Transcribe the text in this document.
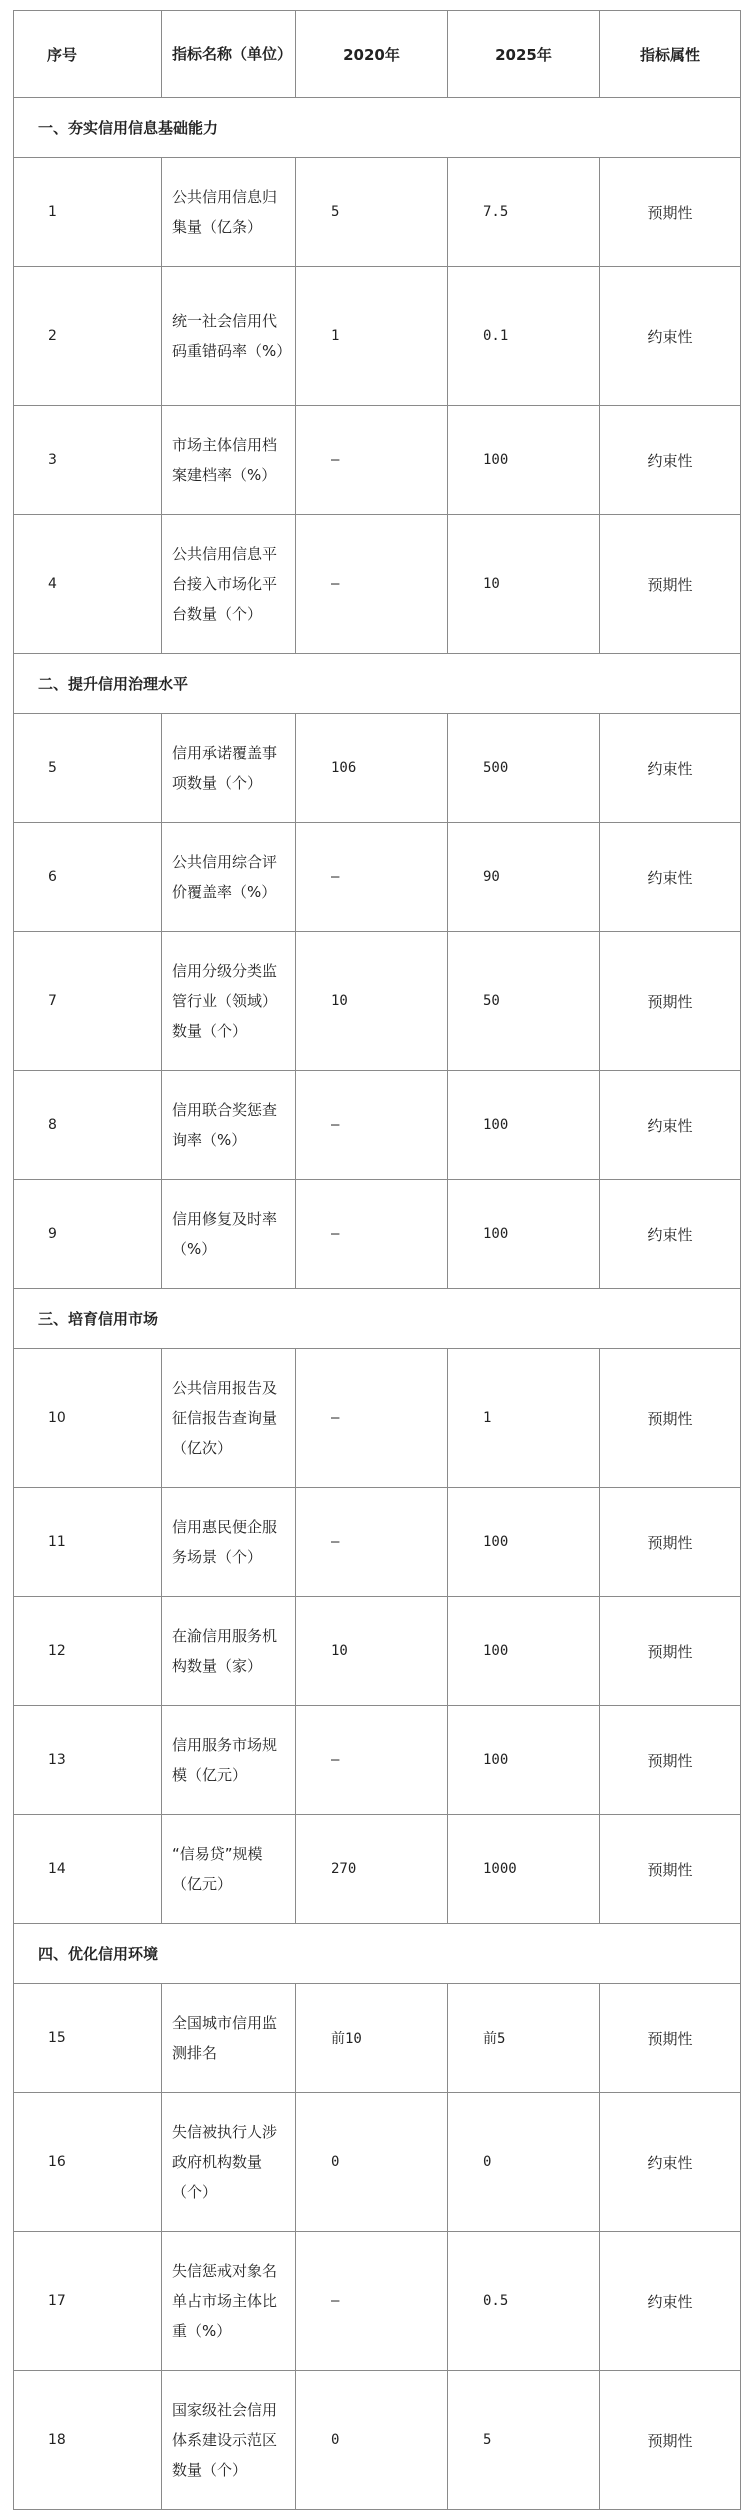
序号	指标名称（单位）	2020年	2025年	指标属性
一、夯实信用信息基础能力				
1	公共信用信息归集量（亿条）	5	7.5	预期性
2	统一社会信用代码重错码率（%）	1	0.1	约束性
3	市场主体信用档案建档率（%）	—	100	约束性
4	公共信用信息平台接入市场化平台数量（个）	—	10	预期性
二、提升信用治理水平				
5	信用承诺覆盖事项数量（个）	106	500	约束性
6	公共信用综合评价覆盖率（%）	—	90	约束性
7	信用分级分类监管行业（领域）数量（个）	10	50	预期性
8	信用联合奖惩查询率（%）	—	100	约束性
9	信用修复及时率（%）	—	100	约束性
三、培育信用市场				
10	公共信用报告及征信报告查询量（亿次）	—	1	预期性
11	信用惠民便企服务场景（个）	—	100	预期性
12	在渝信用服务机构数量（家）	10	100	预期性
13	信用服务市场规模（亿元）	—	100	预期性
14	“信易贷”规模（亿元）	270	1000	预期性
四、优化信用环境				
15	全国城市信用监测排名	前10	前5	预期性
16	失信被执行人涉政府机构数量（个）	0	0	约束性
17	失信惩戒对象名单占市场主体比重（%）	—	0.5	约束性
18	国家级社会信用体系建设示范区数量（个）	0	5	预期性
